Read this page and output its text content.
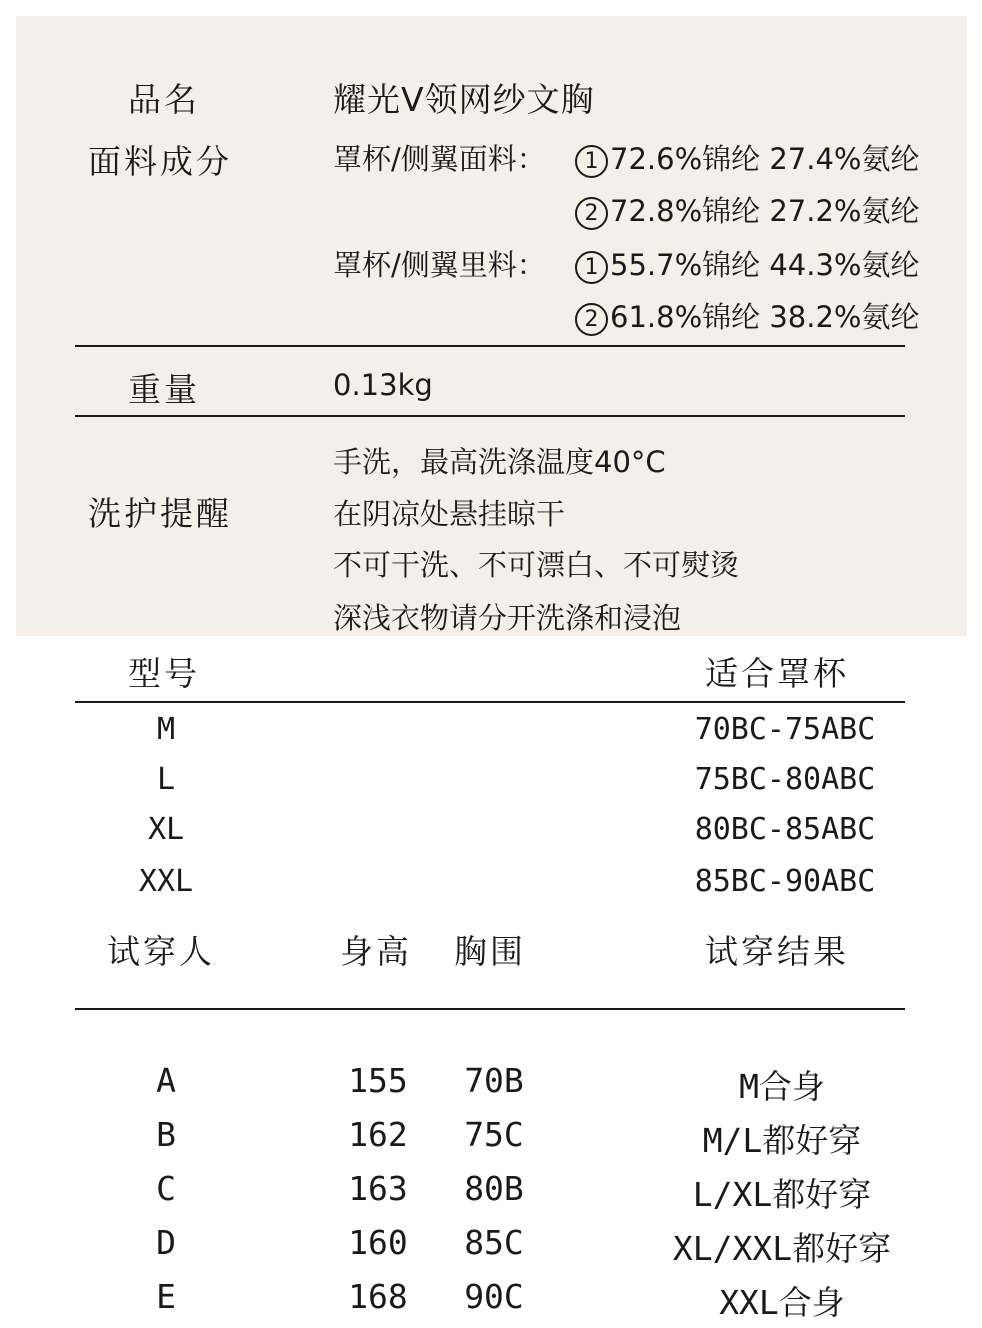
品名	耀光V领网纱文胸
面料成分	罩杯/侧翼面料：	1 72.6%锦纶 27.4%氨纶
2 72.8%锦纶 27.2%氨纶
罩杯/侧翼里料：	1 55.7%锦纶 44.3%氨纶
2 61.8%锦纶 38.2%氨纶
重量	0.13kg
洗护提醒
手洗，最高洗涤温度40°C
在阴凉处悬挂晾干
不可干洗、不可漂白、不可熨烫
深浅衣物请分开洗涤和浸泡
型号	适合罩杯
M	70BC-75ABC
L	75BC-80ABC
XL	80BC-85ABC
XXL	85BC-90ABC
试穿人	身高 胸围	试穿结果
A	155	70B	M合身
B	162	75C	M/L都好穿
C	163	80B	L/XL都好穿
D	160	85C	XL/XXL都好穿
E	168	90C	XXL合身
